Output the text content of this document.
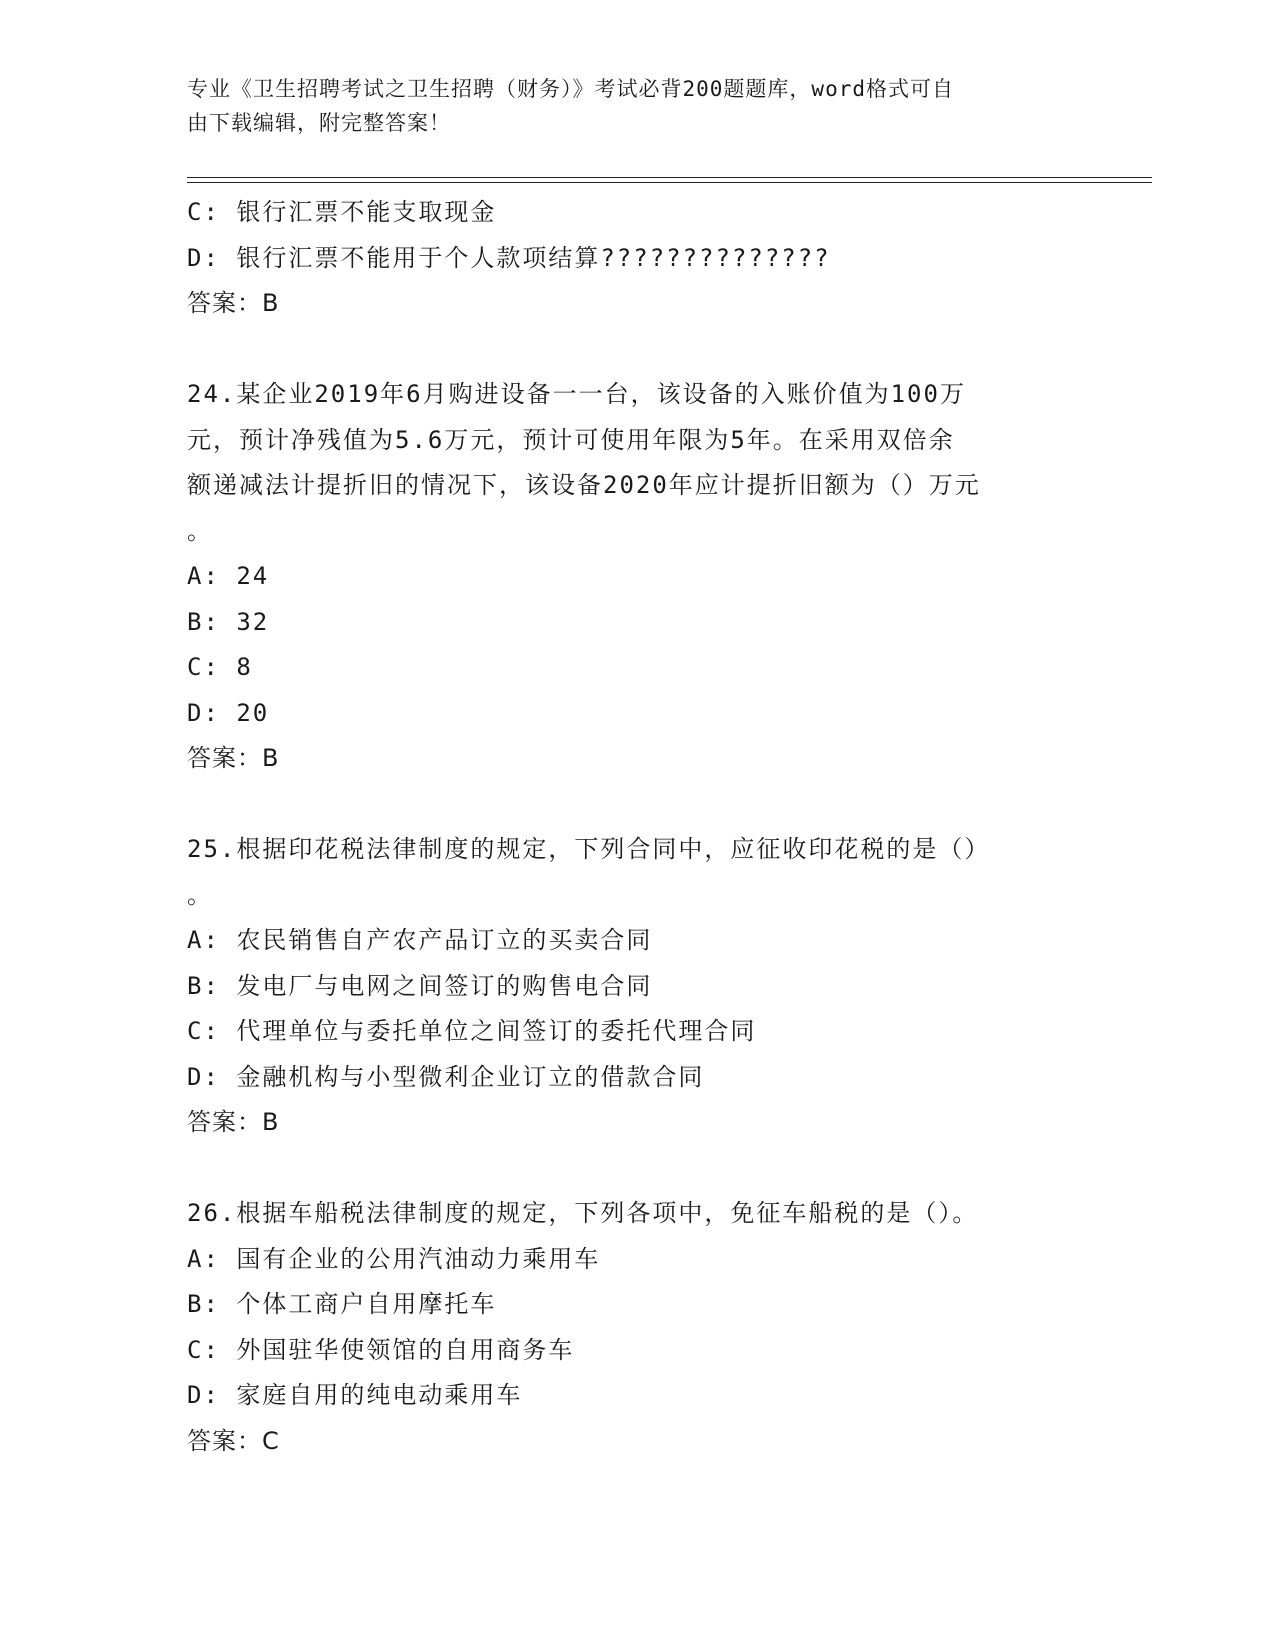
专业《卫生招聘考试之卫生招聘（财务）》考试必背200题题库，word格式可自
由下载编辑，附完整答案！
C: 银行汇票不能支取现金
D: 银行汇票不能用于个人款项结算??????????????
答案：B
24.某企业2019年6月购进设备一一台，该设备的入账价值为100万
元，预计净残值为5.6万元，预计可使用年限为5年。在采用双倍余
额递减法计提折旧的情况下，该设备2020年应计提折旧额为（）万元
。
A: 24
B: 32
C: 8
D: 20
答案：B
25.根据印花税法律制度的规定，下列合同中，应征收印花税的是（）
。
A: 农民销售自产农产品订立的买卖合同
B: 发电厂与电网之间签订的购售电合同
C: 代理单位与委托单位之间签订的委托代理合同
D: 金融机构与小型微利企业订立的借款合同
答案：B
26.根据车船税法律制度的规定，下列各项中，免征车船税的是（）。
A: 国有企业的公用汽油动力乘用车
B: 个体工商户自用摩托车
C: 外国驻华使领馆的自用商务车
D: 家庭自用的纯电动乘用车
答案：C
